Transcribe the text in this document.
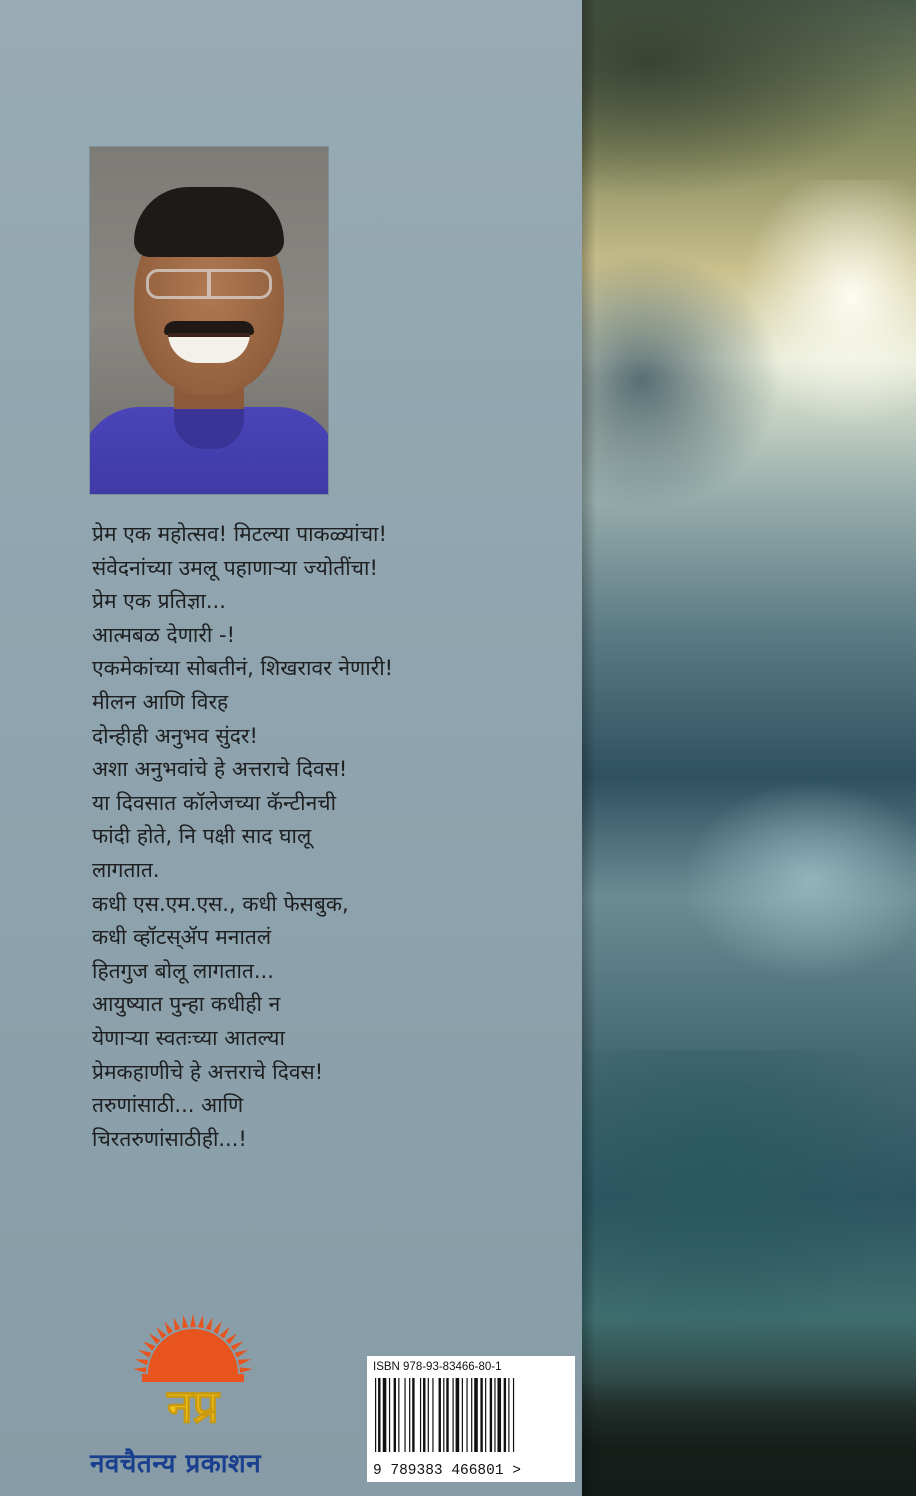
प्रेम एक महोत्सव! मिटल्या पाकळ्यांचा!
संवेदनांच्या उमलू पहाणाऱ्या ज्योतींचा!
प्रेम एक प्रतिज्ञा...
आत्मबळ देणारी -!
एकमेकांच्या सोबतीनं, शिखरावर नेणारी!
मीलन आणि विरह
दोन्हीही अनुभव सुंदर!
अशा अनुभवांचे हे अत्तराचे दिवस!
या दिवसात कॉलेजच्या कॅन्टीनची
फांदी होते, नि पक्षी साद घालू
लागतात.
कधी एस.एम.एस., कधी फेसबुक,
कधी व्हॉटस्ॲप मनातलं
हितगुज बोलू लागतात...
आयुष्यात पुन्हा कधीही न
येणाऱ्या स्वतःच्या आतल्या
प्रेमकहाणीचे हे अत्तराचे दिवस!
तरुणांसाठी... आणि
चिरतरुणांसाठीही...!
नप्र
नवचैतन्य प्रकाशन
ISBN 978-93-83466-80-1
9 789383 466801 >
